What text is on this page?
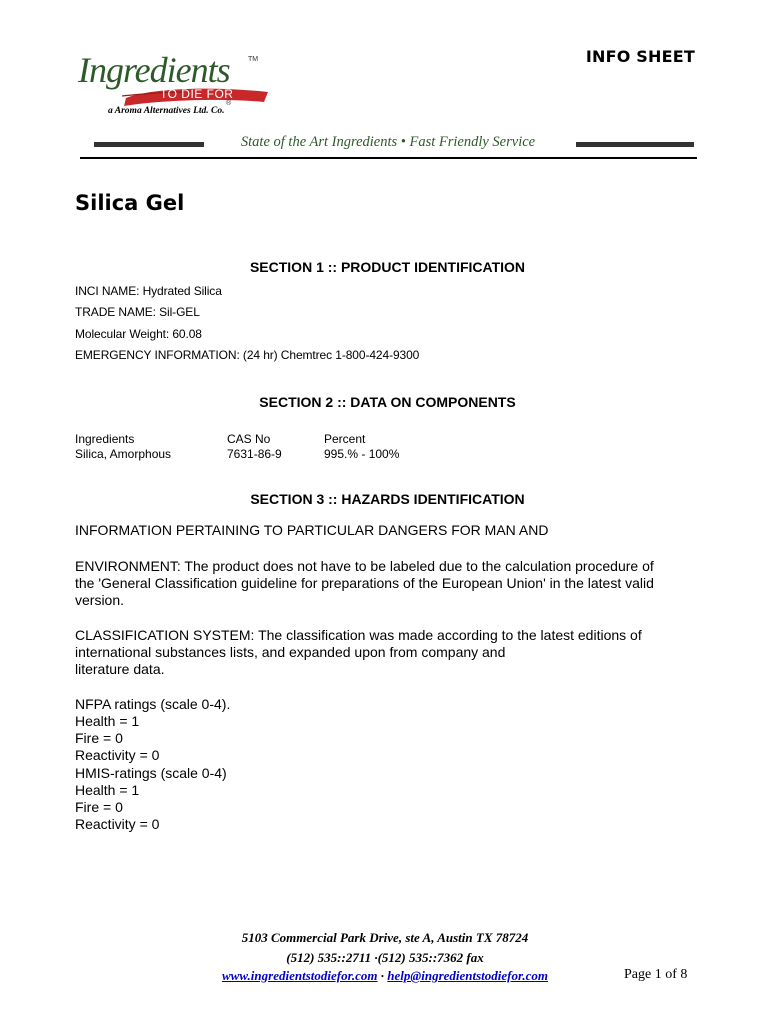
Ingredients	TM
TO DIE FOR
®
a Aroma Alternatives Ltd. Co.
INFO SHEET
State of the Art Ingredients • Fast Friendly Service
Silica Gel
SECTION 1 :: PRODUCT IDENTIFICATION
INCI NAME: Hydrated Silica
TRADE NAME: Sil-GEL
Molecular Weight: 60.08
EMERGENCY INFORMATION: (24 hr) Chemtrec 1-800-424-9300
SECTION 2 :: DATA ON COMPONENTS
Ingredients	CAS No	Percent
Silica, Amorphous	7631-86-9	995.% - 100%
SECTION 3 :: HAZARDS IDENTIFICATION
INFORMATION PERTAINING TO PARTICULAR DANGERS FOR MAN AND
ENVIRONMENT: The product does not have to be labeled due to the calculation procedure of
the 'General Classification guideline for preparations of the European Union' in the latest valid
version.
CLASSIFICATION SYSTEM: The classification was made according to the latest editions of
international substances lists, and expanded upon from company and
literature data.
NFPA ratings (scale 0-4).
Health = 1
Fire = 0
Reactivity = 0
HMIS-ratings (scale 0-4)
Health = 1
Fire = 0
Reactivity = 0
5103 Commercial Park Drive, ste A, Austin TX 78724
(512) 535::2711 ·(512) 535::7362 fax
www.ingredientstodiefor.com · help@ingredientstodiefor.com	Page 1 of 8
